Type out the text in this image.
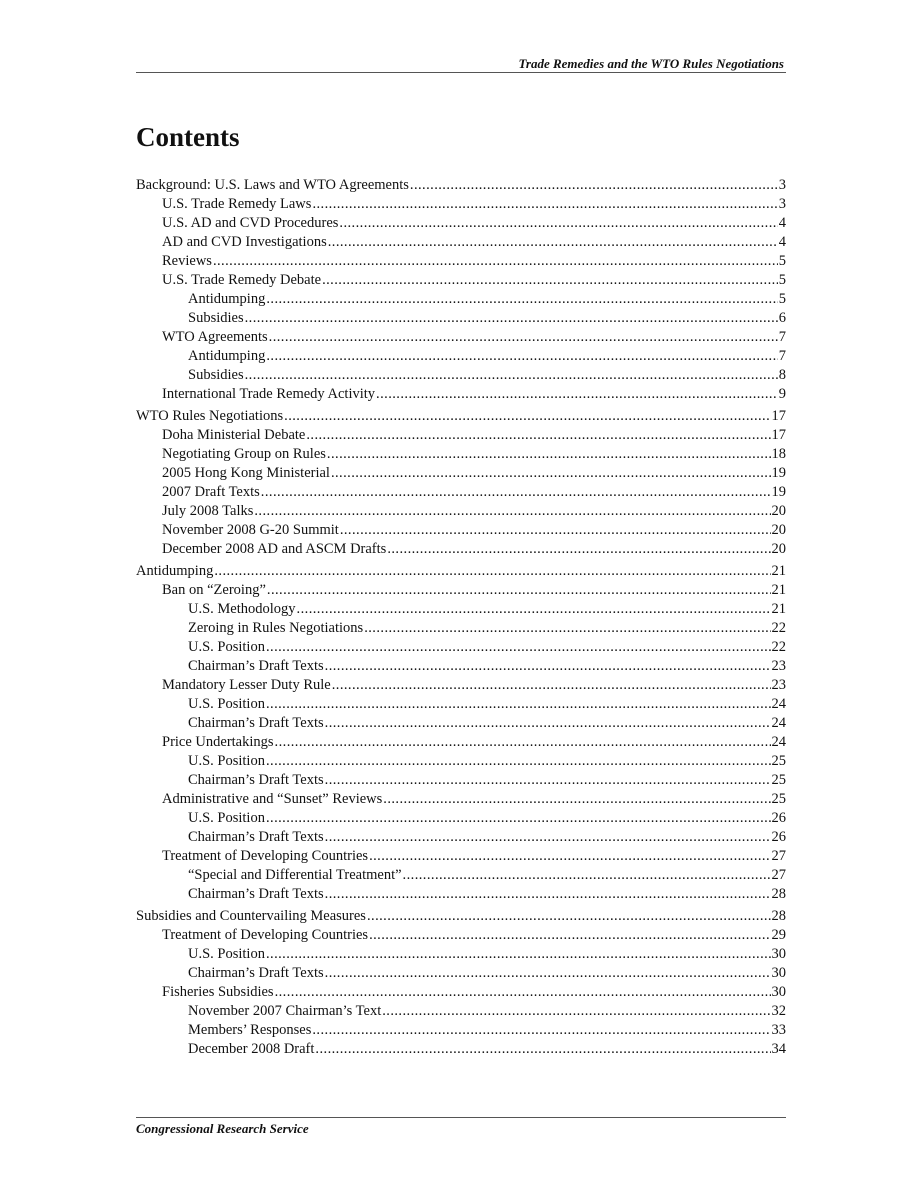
Trade Remedies and the WTO Rules Negotiations
Contents
Background: U.S. Laws and WTO Agreements . . .	3
U.S. Trade Remedy Laws . . .	3
U.S. AD and CVD Procedures . . .	4
AD and CVD Investigations . . .	4
Reviews . . .	5
U.S. Trade Remedy Debate . . .	5
Antidumping . . .	5
Subsidies . . .	6
WTO Agreements . . .	7
Antidumping . . .	7
Subsidies . . .	8
International Trade Remedy Activity . . .	9
WTO Rules Negotiations . . .	17
Doha Ministerial Debate . . .	17
Negotiating Group on Rules . . .	18
2005 Hong Kong Ministerial . . .	19
2007 Draft Texts . . .	19
July 2008 Talks . . .	20
November 2008 G-20 Summit . . .	20
December 2008 AD and ASCM Drafts . . .	20
Antidumping . . .	21
Ban on “Zeroing” . . .	21
U.S. Methodology . . .	21
Zeroing in Rules Negotiations . . .	22
U.S. Position . . .	22
Chairman’s Draft Texts . . .	23
Mandatory Lesser Duty Rule . . .	23
U.S. Position . . .	24
Chairman’s Draft Texts . . .	24
Price Undertakings . . .	24
U.S. Position . . .	25
Chairman’s Draft Texts . . .	25
Administrative and “Sunset” Reviews . . .	25
U.S. Position . . .	26
Chairman’s Draft Texts . . .	26
Treatment of Developing Countries . . .	27
“Special and Differential Treatment” . . .	27
Chairman’s Draft Texts . . .	28
Subsidies and Countervailing Measures . . .	28
Treatment of Developing Countries . . .	29
U.S. Position . . .	30
Chairman’s Draft Texts . . .	30
Fisheries Subsidies . . .	30
November 2007 Chairman’s Text . . .	32
Members’ Responses . . .	33
December 2008 Draft . . .	34
Congressional Research Service
